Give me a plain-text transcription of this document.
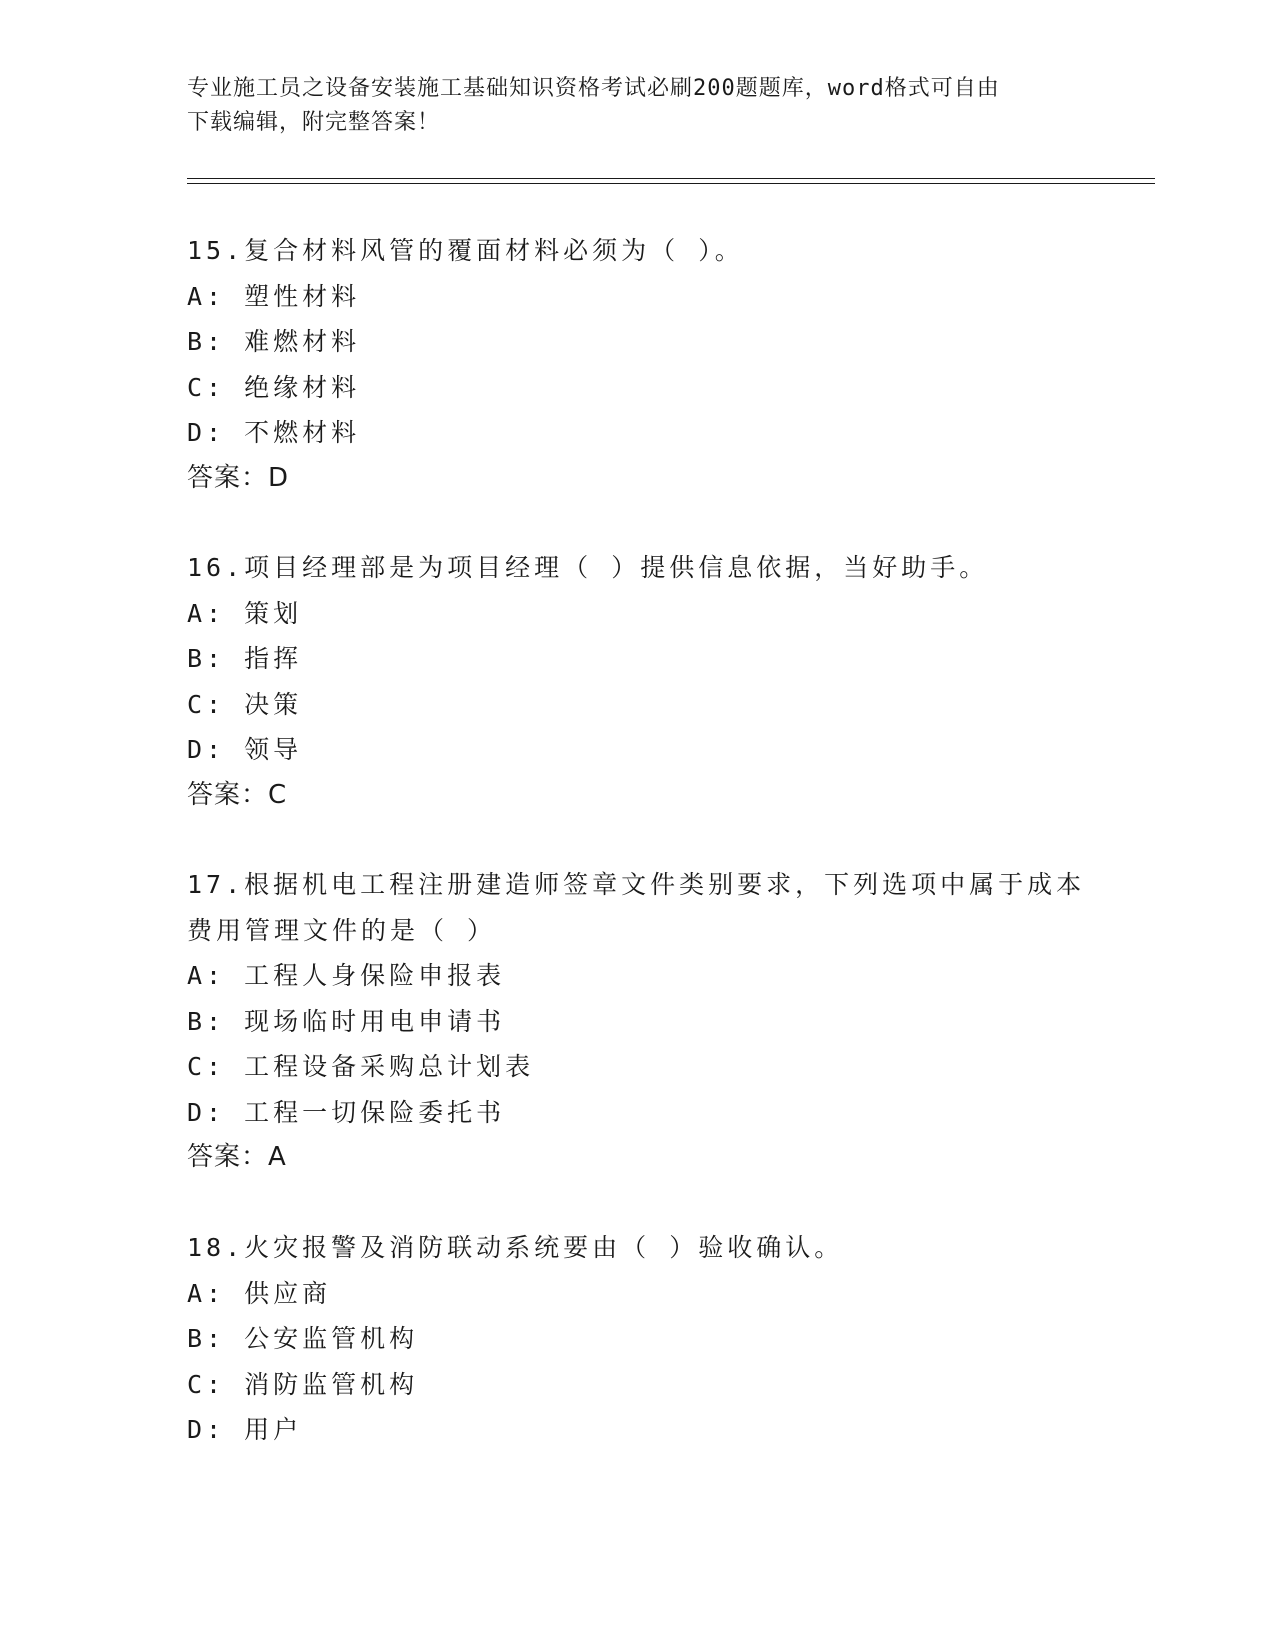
专业施工员之设备安装施工基础知识资格考试必刷200题题库，word格式可自由
下载编辑，附完整答案！
15.复合材料风管的覆面材料必须为（ ）。
A: 塑性材料
B: 难燃材料
C: 绝缘材料
D: 不燃材料
答案：D
16.项目经理部是为项目经理（ ）提供信息依据，当好助手。
A: 策划
B: 指挥
C: 决策
D: 领导
答案：C
17.根据机电工程注册建造师签章文件类别要求，下列选项中属于成本
费用管理文件的是（ ）
A: 工程人身保险申报表
B: 现场临时用电申请书
C: 工程设备采购总计划表
D: 工程一切保险委托书
答案：A
18.火灾报警及消防联动系统要由（ ）验收确认。
A: 供应商
B: 公安监管机构
C: 消防监管机构
D: 用户
